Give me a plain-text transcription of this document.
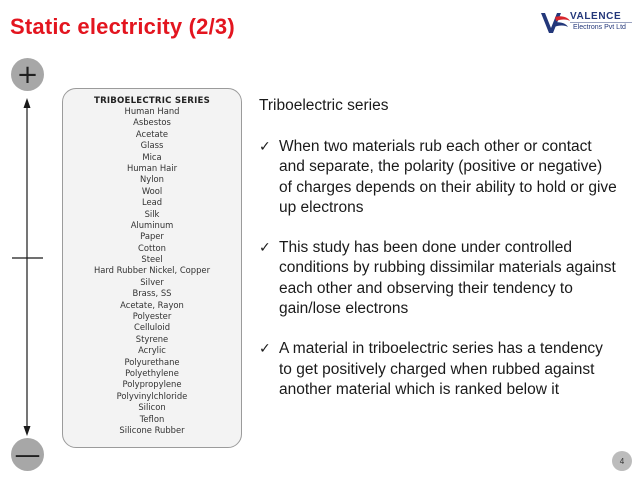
Static electricity (2/3)	VALENCE
Electrons Pvt Ltd
+
—
TRIBOELECTRIC SERIES
Human Hand
Asbestos
Acetate
Glass
Mica
Human Hair
Nylon
Wool
Lead
Silk
Aluminum
Paper
Cotton
Steel
Hard Rubber Nickel, Copper
Silver
Brass, SS
Acetate, Rayon
Polyester
Celluloid
Styrene
Acrylic
Polyurethane
Polyethylene
Polypropylene
Polyvinylchloride
Silicon
Teflon
Silicone Rubber

Triboelectric series

✓ When two materials rub each other or contact and separate, the polarity (positive or negative) of charges depends on their ability to hold or give up electrons
✓ This study has been done under controlled conditions by rubbing dissimilar materials against each other and observing their tendency to gain/lose electrons
✓ A material in triboelectric series has a tendency to get positively charged when rubbed against another material which is ranked below it
4
